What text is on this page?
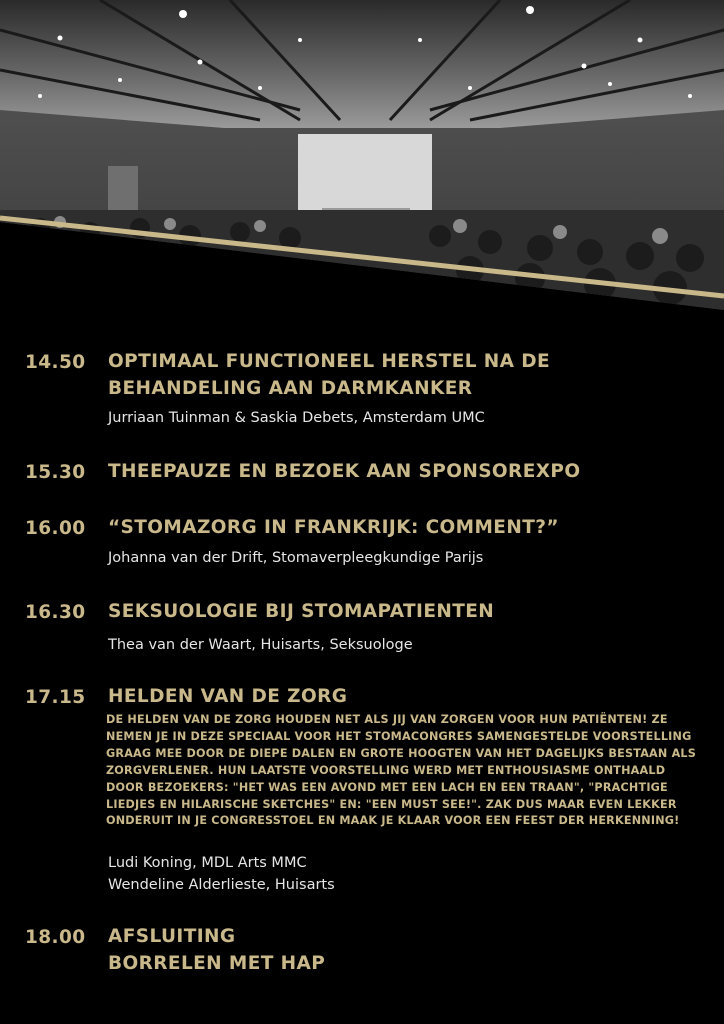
14.50 OPTIMAAL FUNCTIONEEL HERSTEL NA DE
BEHANDELING AAN DARMKANKER
Jurriaan Tuinman & Saskia Debets, Amsterdam UMC
15.30 THEEPAUZE EN BEZOEK AAN SPONSOREXPO
16.00 “STOMAZORG IN FRANKRIJK: COMMENT?”
Johanna van der Drift, Stomaverpleegkundige Parijs
16.30 SEKSUOLOGIE BIJ STOMAPATIENTEN
Thea van der Waart, Huisarts, Seksuologe
17.15 HELDEN VAN DE ZORG
DE HELDEN VAN DE ZORG HOUDEN NET ALS JIJ VAN ZORGEN VOOR HUN PATIËNTEN! ZE NEMEN JE IN DEZE SPECIAAL VOOR HET STOMACONGRES SAMENGESTELDE VOORSTELLING GRAAG MEE DOOR DE DIEPE DALEN EN GROTE HOOGTEN VAN HET DAGELIJKS BESTAAN ALS ZORGVERLENER. HUN LAATSTE VOORSTELLING WERD MET ENTHOUSIASME ONTHAALD DOOR BEZOEKERS: "HET WAS EEN AVOND MET EEN LACH EN EEN TRAAN", "PRACHTIGE LIEDJES EN HILARISCHE SKETCHES" EN: "EEN MUST SEE!". ZAK DUS MAAR EVEN LEKKER ONDERUIT IN JE CONGRESSTOEL EN MAAK JE KLAAR VOOR EEN FEEST DER HERKENNING!
Ludi Koning, MDL Arts MMC
Wendeline Alderlieste, Huisarts
18.00 AFSLUITING
BORRELEN MET HAP
